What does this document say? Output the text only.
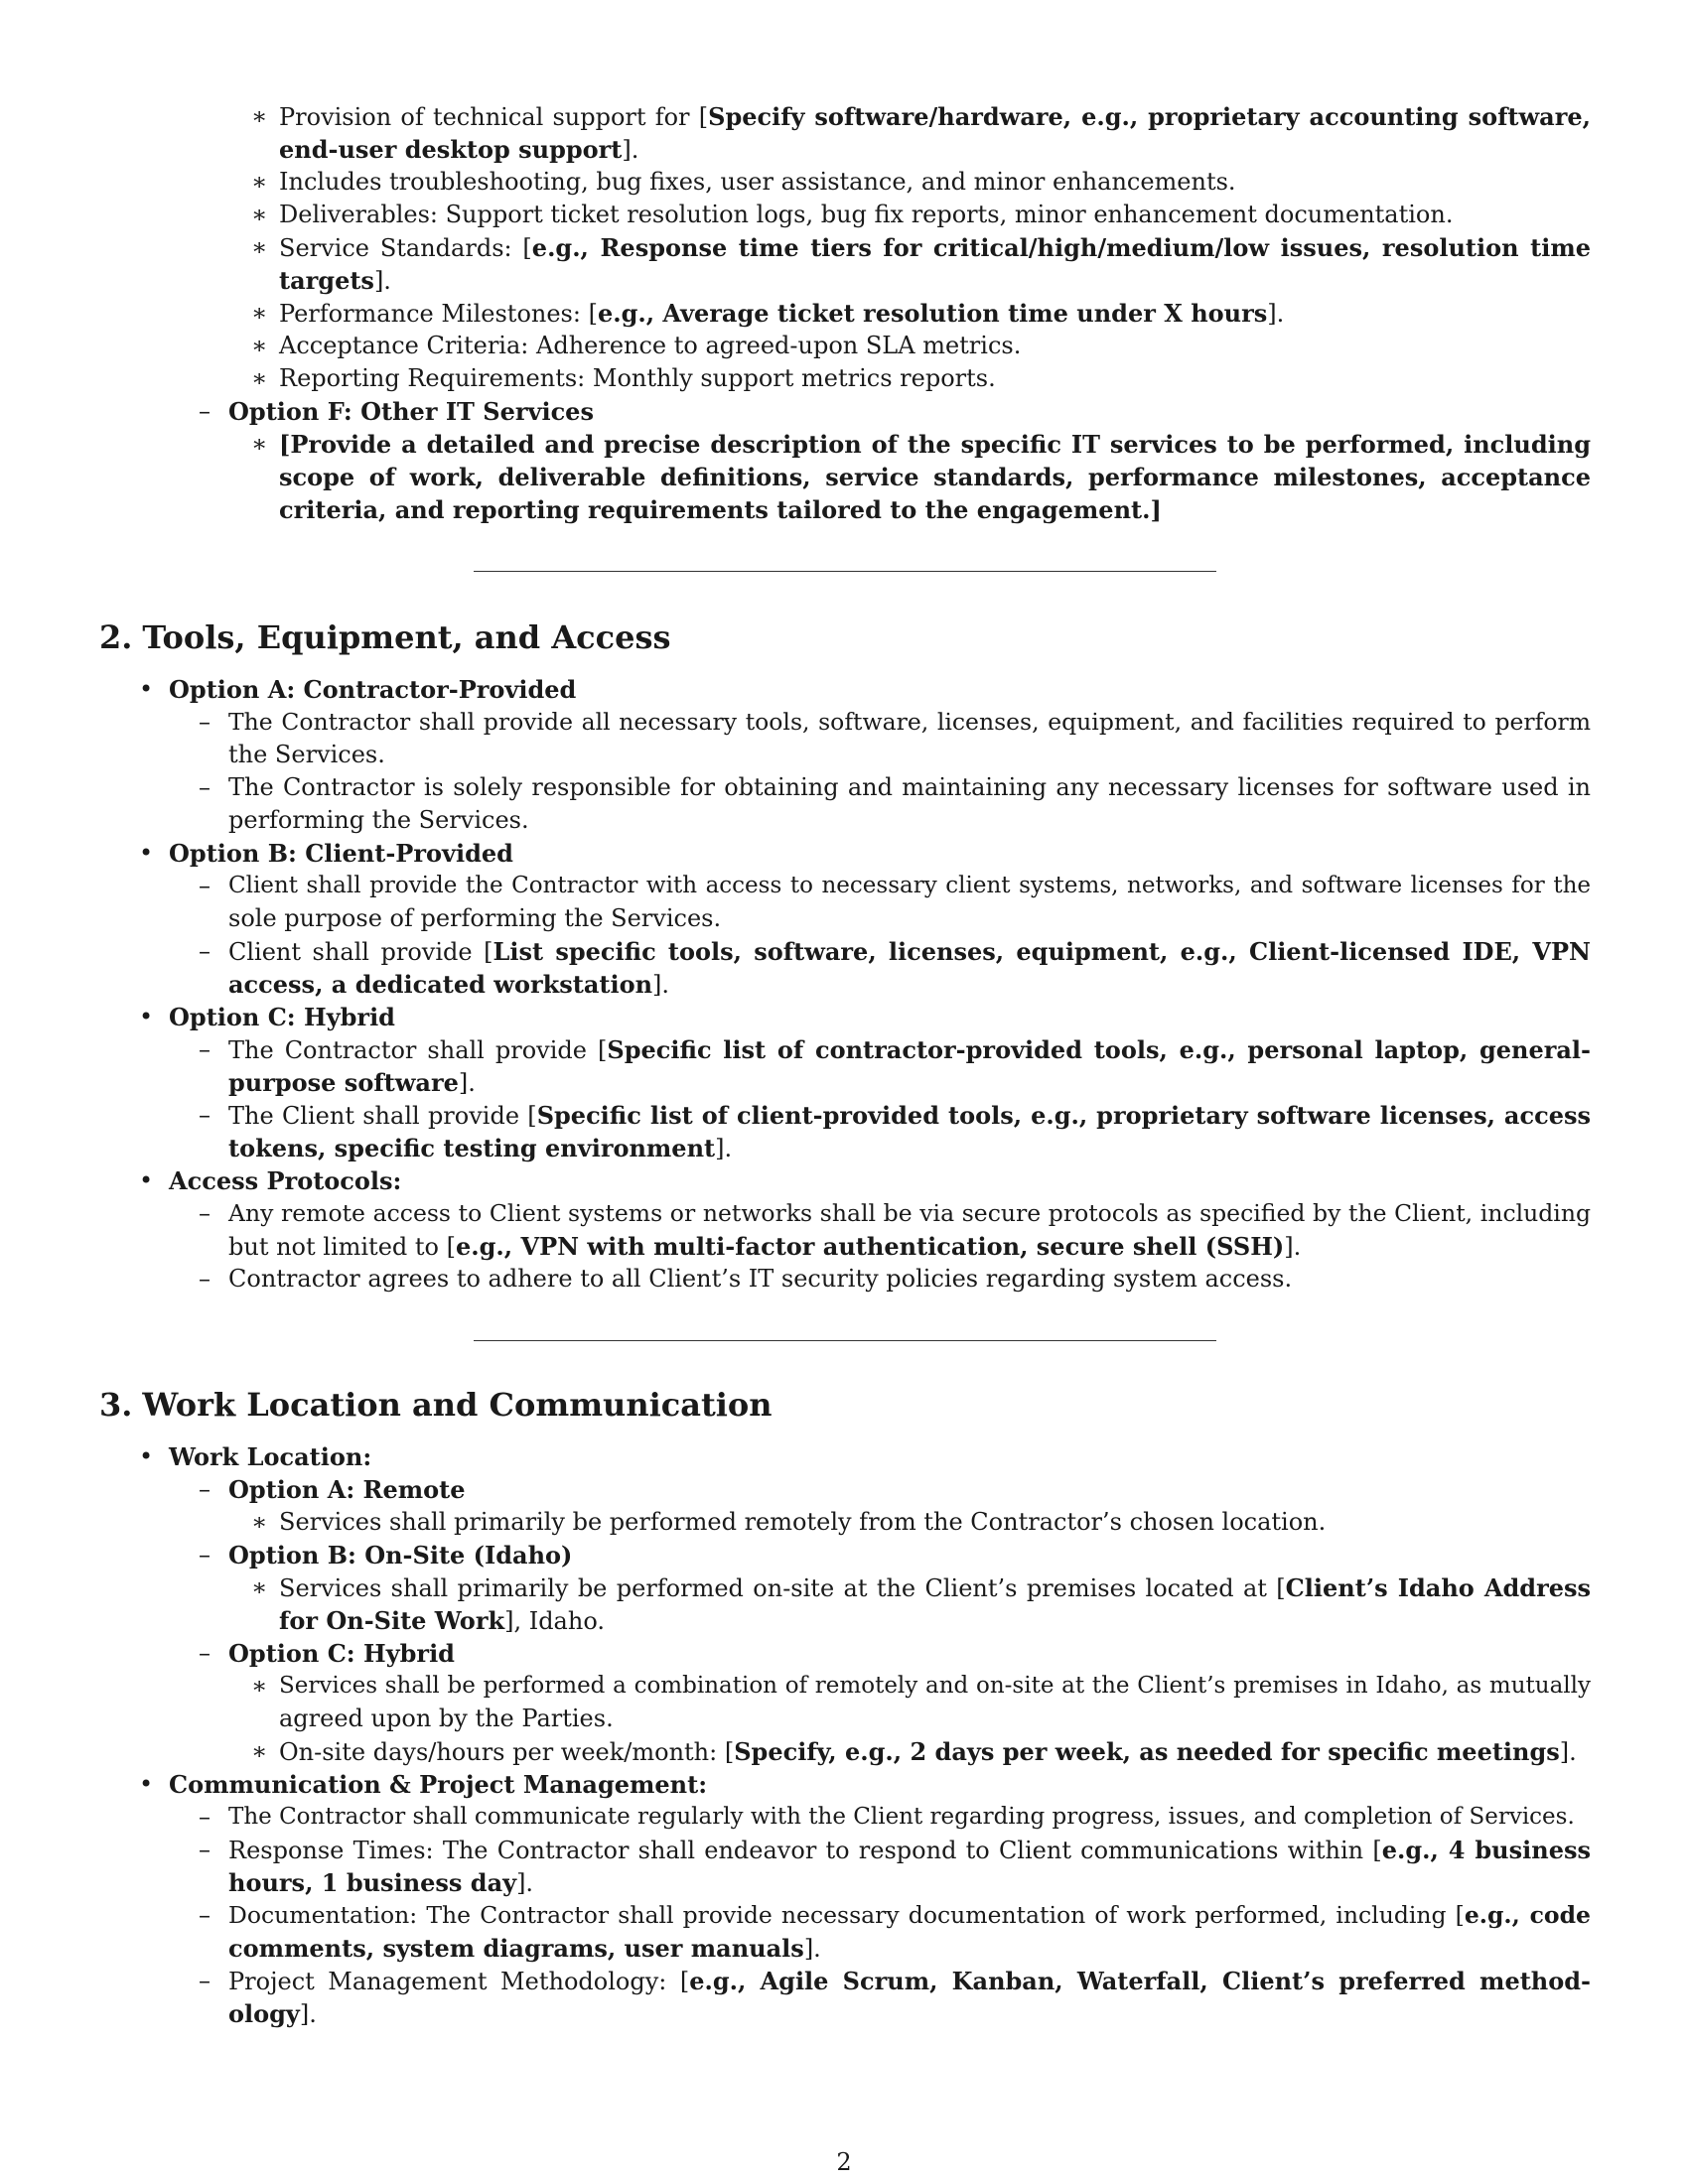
∗ Provision of technical support for [Specify software/hardware, e.g., proprietary accounting software,

end-user desktop support].

∗ Includes troubleshooting, bug fixes, user assistance, and minor enhancements.

∗ Deliverables: Support ticket resolution logs, bug fix reports, minor enhancement documentation.

∗ Service Standards: [e.g., Response time tiers for critical/high/medium/low issues, resolution time

targets].

∗ Performance Milestones: [e.g., Average ticket resolution time under X hours].

∗ Acceptance Criteria: Adherence to agreed-upon SLA metrics.

∗ Reporting Requirements: Monthly support metrics reports.

– Option F: Other IT Services

∗ [Provide a detailed and precise description of the specific IT services to be performed, including

scope of work, deliverable definitions, service standards, performance milestones, acceptance

criteria, and reporting requirements tailored to the engagement.]

2. Tools, Equipment, and Access
• Option A: Contractor-Provided

– The Contractor shall provide all necessary tools, software, licenses, equipment, and facilities required to perform

the Services.

– The Contractor is solely responsible for obtaining and maintaining any necessary licenses for software used in

performing the Services.

• Option B: Client-Provided

– Client shall provide the Contractor with access to necessary client systems, networks, and software licenses for the

sole purpose of performing the Services.

– Client shall provide [List specific tools, software, licenses, equipment, e.g., Client-licensed IDE, VPN

access, a dedicated workstation].

• Option C: Hybrid

– The Contractor shall provide [Specific list of contractor-provided tools, e.g., personal laptop, general-

purpose software].

– The Client shall provide [Specific list of client-provided tools, e.g., proprietary software licenses, access

tokens, specific testing environment].

• Access Protocols:

– Any remote access to Client systems or networks shall be via secure protocols as specified by the Client, including

but not limited to [e.g., VPN with multi-factor authentication, secure shell (SSH)].

– Contractor agrees to adhere to all Client’s IT security policies regarding system access.

3. Work Location and Communication
• Work Location:

– Option A: Remote

∗ Services shall primarily be performed remotely from the Contractor’s chosen location.

– Option B: On-Site (Idaho)

∗ Services shall primarily be performed on-site at the Client’s premises located at [Client’s Idaho Address

for On-Site Work], Idaho.

– Option C: Hybrid

∗ Services shall be performed a combination of remotely and on-site at the Client’s premises in Idaho, as mutually

agreed upon by the Parties.

∗ On-site days/hours per week/month: [Specify, e.g., 2 days per week, as needed for specific meetings].

• Communication & Project Management:

– The Contractor shall communicate regularly with the Client regarding progress, issues, and completion of Services.

– Response Times: The Contractor shall endeavor to respond to Client communications within [e.g., 4 business

hours, 1 business day].

– Documentation: The Contractor shall provide necessary documentation of work performed, including [e.g., code

comments, system diagrams, user manuals].

– Project Management Methodology: [e.g., Agile Scrum, Kanban, Waterfall, Client’s preferred method-

ology].

2
